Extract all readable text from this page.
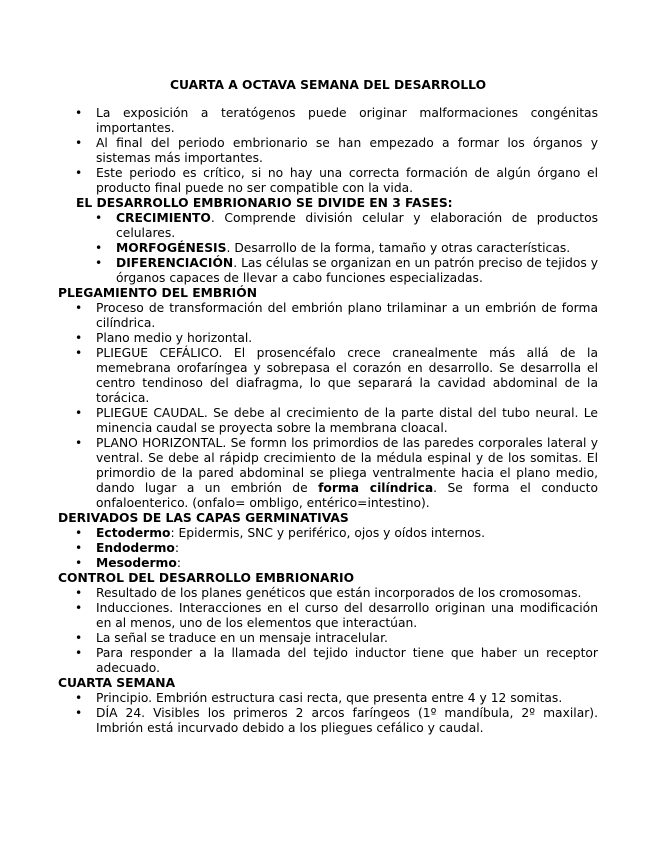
CUARTA A OCTAVA SEMANA DEL DESARROLLO
• La exposición a teratógenos puede originar malformaciones congénitas importantes.
• Al final del periodo embrionario se han empezado a formar los órganos y sistemas más importantes.
• Este periodo es crítico, si no hay una correcta formación de algún órgano el producto final puede no ser compatible con la vida.
EL DESARROLLO EMBRIONARIO SE DIVIDE EN 3 FASES:
• CRECIMIENTO. Comprende división celular y elaboración de productos celulares.
• MORFOGÉNESIS. Desarrollo de la forma, tamaño y otras características.
• DIFERENCIACIÓN. Las células se organizan en un patrón preciso de tejidos y órganos capaces de llevar a cabo funciones especializadas.
PLEGAMIENTO DEL EMBRIÓN
• Proceso de transformación del embrión plano trilaminar a un embrión de forma cilíndrica.
• Plano medio y horizontal.
• PLIEGUE CEFÁLICO. El prosencéfalo crece cranealmente más allá de la memebrana orofaríngea y sobrepasa el corazón en desarrollo. Se desarrolla el centro tendinoso del diafragma, lo que separará la cavidad abdominal de la torácica.
• PLIEGUE CAUDAL. Se debe al crecimiento de la parte distal del tubo neural. Le minencia caudal se proyecta sobre la membrana cloacal.
• PLANO HORIZONTAL. Se formn los primordios de las paredes corporales lateral y ventral. Se debe al rápidp crecimiento de la médula espinal y de los somitas. El primordio de la pared abdominal se pliega ventralmente hacia el plano medio, dando lugar a un embrión de forma cilíndrica. Se forma el conducto onfaloenterico. (onfalo= ombligo, entérico=intestino).
DERIVADOS DE LAS CAPAS GERMINATIVAS
• Ectodermo: Epidermis, SNC y periférico, ojos y oídos internos.
• Endodermo:
• Mesodermo:
CONTROL DEL DESARROLLO EMBRIONARIO
• Resultado de los planes genéticos que están incorporados de los cromosomas.
• Inducciones. Interacciones en el curso del desarrollo originan una modificación en al menos, uno de los elementos que interactúan.
• La señal se traduce en un mensaje intracelular.
• Para responder a la llamada del tejido inductor tiene que haber un receptor adecuado.
CUARTA SEMANA
• Principio. Embrión estructura casi recta, que presenta entre 4 y 12 somitas.
• DÍA 24. Visibles los primeros 2 arcos faríngeos (1º mandíbula, 2º maxilar). Imbrión está incurvado debido a los pliegues cefálico y caudal.
